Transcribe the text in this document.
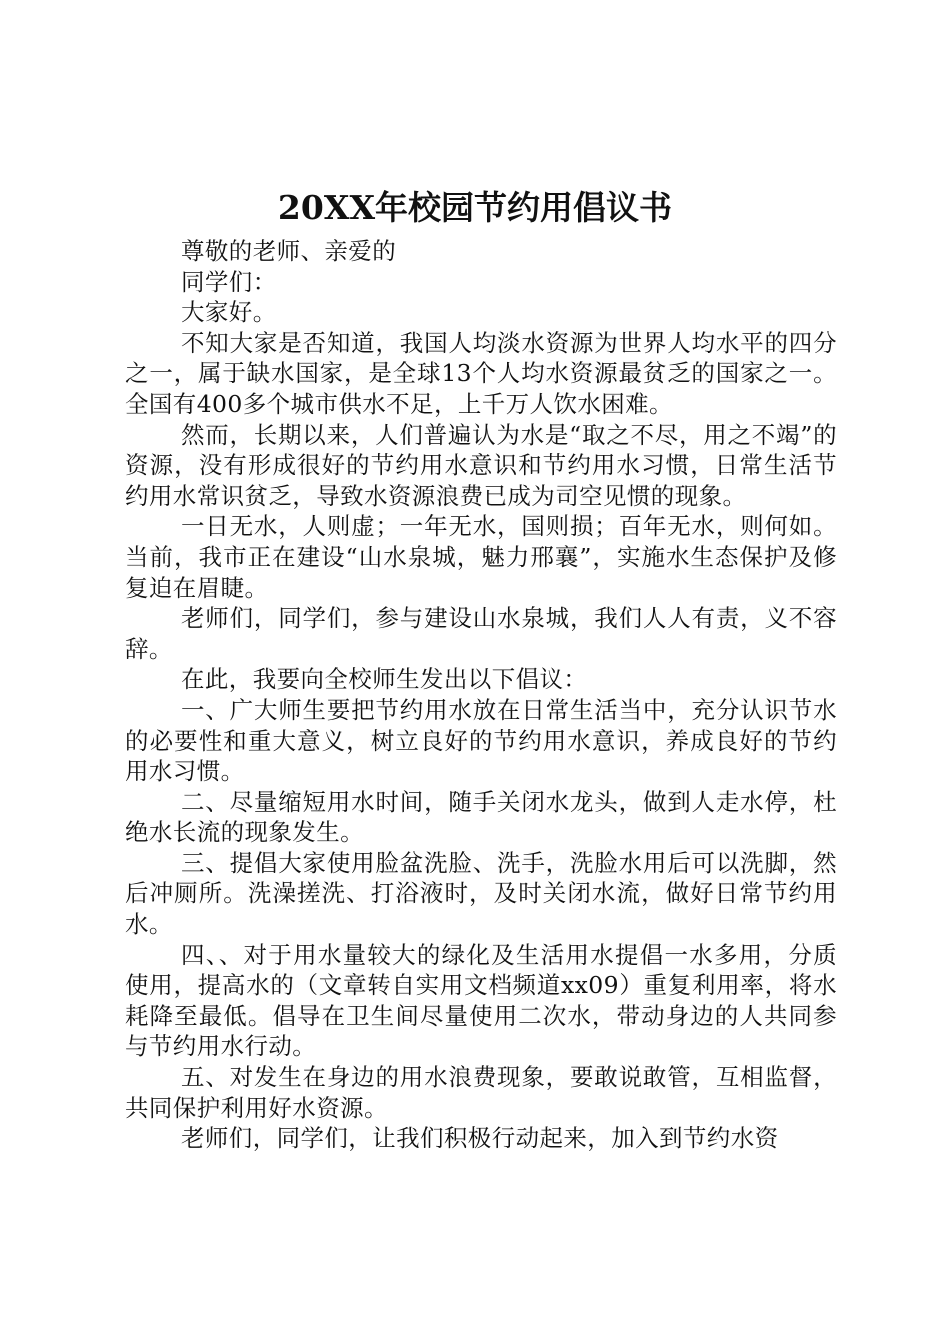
20XX年校园节约用倡议书

尊敬的老师、亲爱的

同学们：

大家好。

不知大家是否知道，我国人均淡水资源为世界人均水平的四分之一，属于缺水国家，是全球13个人均水资源最贫乏的国家之一。全国有400多个城市供水不足，上千万人饮水困难。

然而，长期以来，人们普遍认为水是“取之不尽，用之不竭”的资源，没有形成很好的节约用水意识和节约用水习惯，日常生活节约用水常识贫乏，导致水资源浪费已成为司空见惯的现象。

一日无水，人则虚；一年无水，国则损；百年无水，则何如。当前，我市正在建设“山水泉城，魅力邢襄”，实施水生态保护及修复迫在眉睫。

老师们，同学们，参与建设山水泉城，我们人人有责，义不容辞。

在此，我要向全校师生发出以下倡议：

一、广大师生要把节约用水放在日常生活当中，充分认识节水的必要性和重大意义，树立良好的节约用水意识，养成良好的节约用水习惯。

二、尽量缩短用水时间，随手关闭水龙头，做到人走水停，杜绝水长流的现象发生。

三、提倡大家使用脸盆洗脸、洗手，洗脸水用后可以洗脚，然后冲厕所。洗澡搓洗、打浴液时，及时关闭水流，做好日常节约用水。

四、、对于用水量较大的绿化及生活用水提倡一水多用，分质使用，提高水的（文章转自实用文档频道xx09）重复利用率，将水耗降至最低。倡导在卫生间尽量使用二次水，带动身边的人共同参与节约用水行动。

五、对发生在身边的用水浪费现象，要敢说敢管，互相监督，共同保护利用好水资源。

老师们，同学们，让我们积极行动起来，加入到节约水资
